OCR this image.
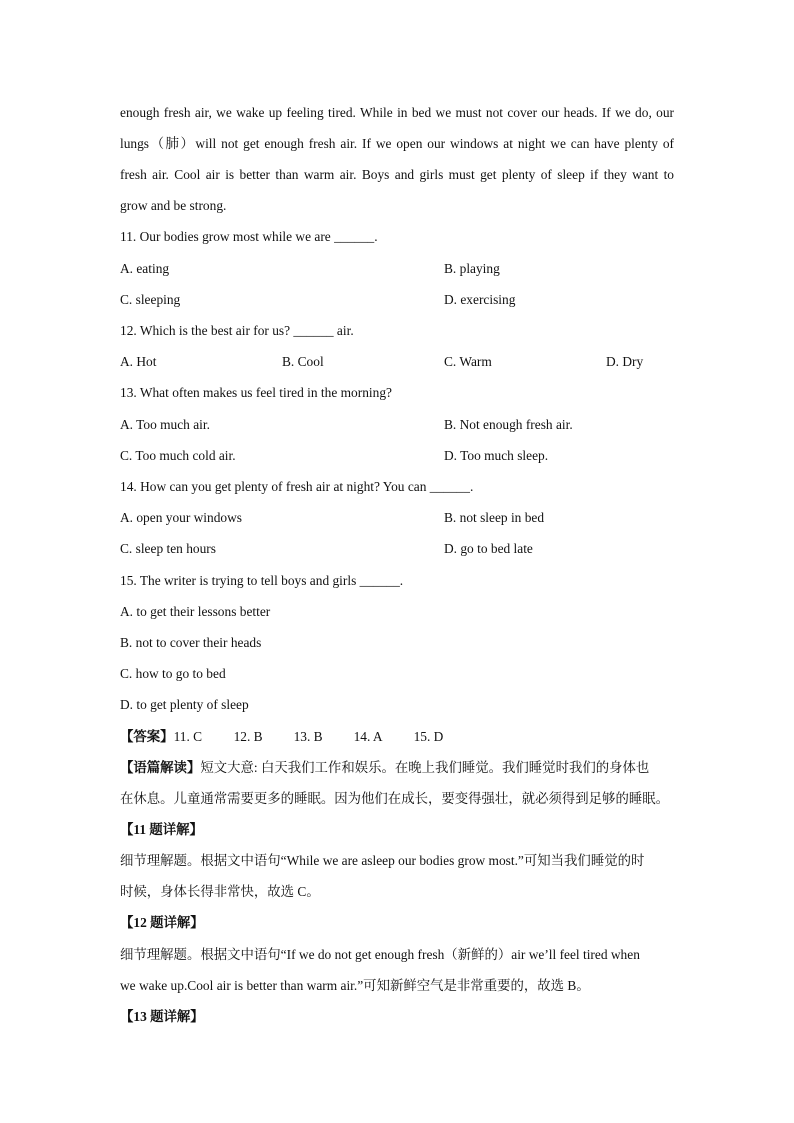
enough fresh air, we wake up feeling tired. While in bed we must not cover our heads. If we do, our
lungs（肺）will not get enough fresh air. If we open our windows at night we can have plenty of
fresh air. Cool air is better than warm air. Boys and girls must get plenty of sleep if they want to
grow and be strong.
11. Our bodies grow most while we are ______.
A. eating	B. playing
C. sleeping	D. exercising
12. Which is the best air for us? ______ air.
A. Hot	B. Cool	C. Warm	D. Dry
13. What often makes us feel tired in the morning?
A. Too much air.	B. Not enough fresh air.
C. Too much cold air.	D. Too much sleep.
14. How can you get plenty of fresh air at night? You can ______.
A. open your windows	B. not sleep in bed
C. sleep ten hours	D. go to bed late
15. The writer is trying to tell boys and girls ______.
A. to get their lessons better
B. not to cover their heads
C. how to go to bed
D. to get plenty of sleep
【答案】11. C 12. B 13. B 14. A 15. D
【语篇解读】短文大意: 白天我们工作和娱乐。在晚上我们睡觉。我们睡觉时我们的身体也
在休息。儿童通常需要更多的睡眠。因为他们在成长，要变得强壮，就必须得到足够的睡眠。
【11 题详解】
细节理解题。根据文中语句“While we are asleep our bodies grow most.”可知当我们睡觉的时
时候，身体长得非常快，故选 C。
【12 题详解】
细节理解题。根据文中语句“If we do not get enough fresh（新鲜的）air we’ll feel tired when
we wake up.Cool air is better than warm air.”可知新鲜空气是非常重要的，故选 B。
【13 题详解】
